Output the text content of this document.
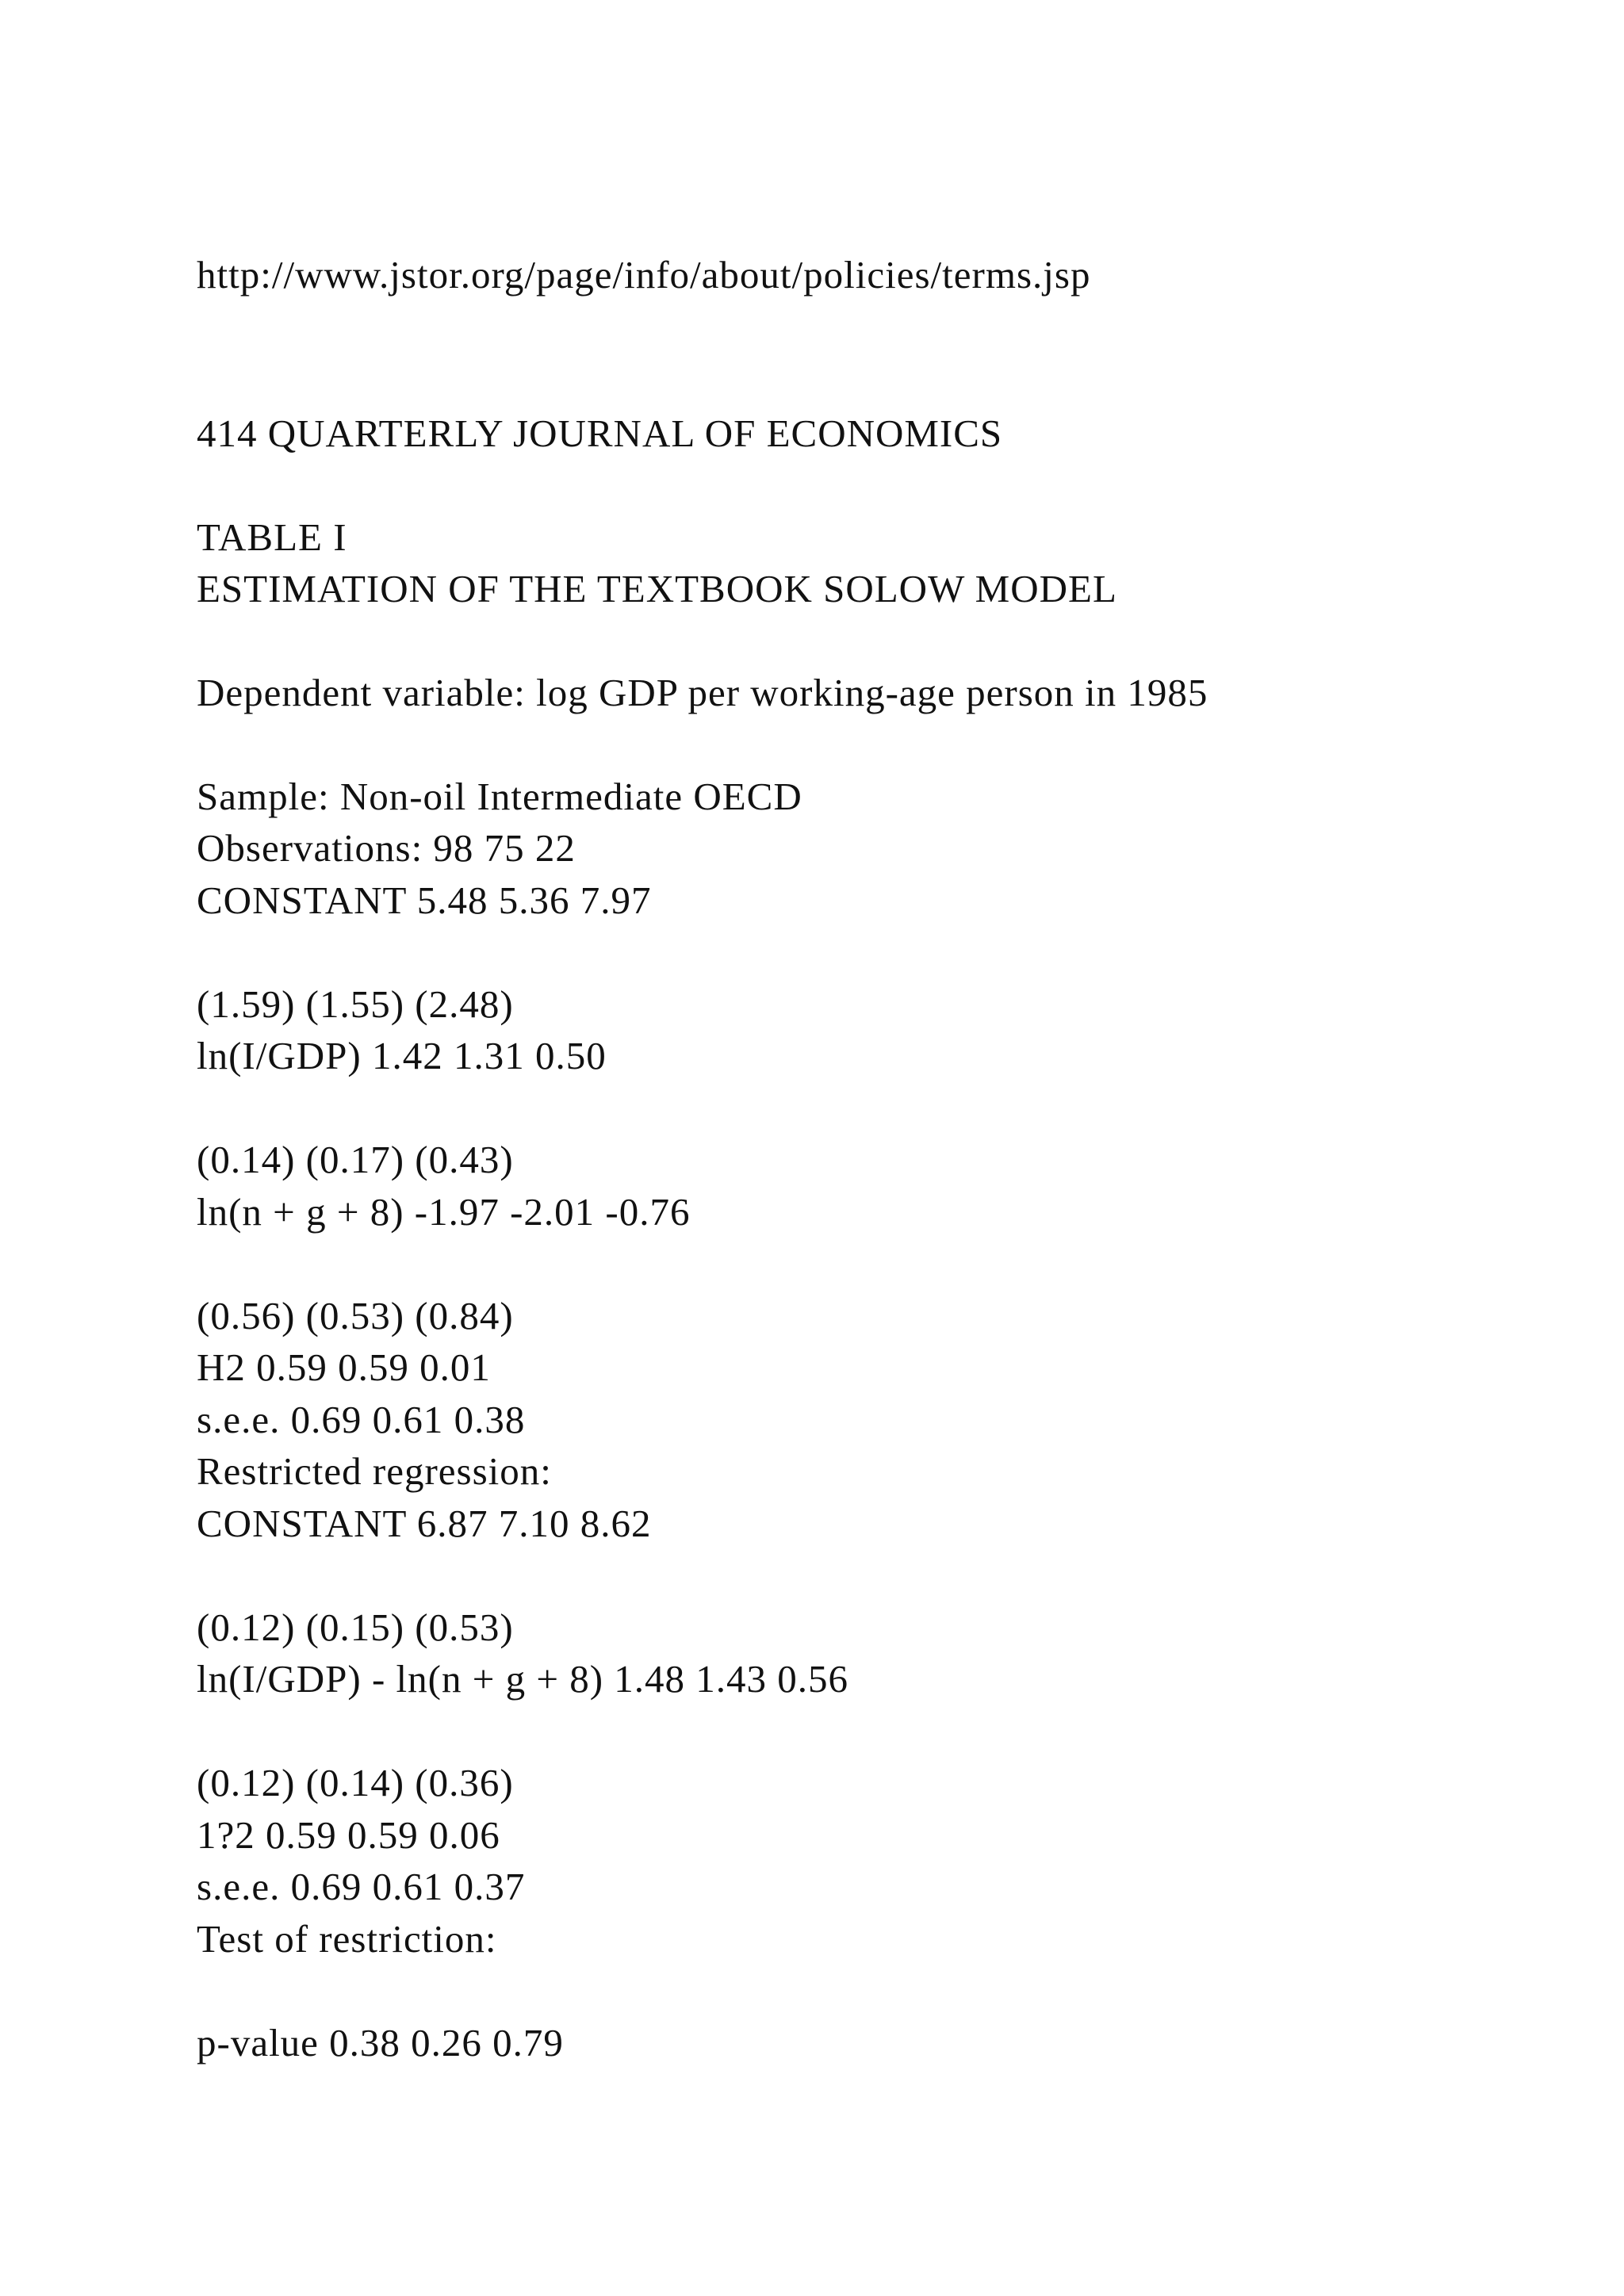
http://www.jstor.org/page/info/about/policies/terms.jsp

414 QUARTERLY JOURNAL OF ECONOMICS

TABLE I

ESTIMATION OF THE TEXTBOOK SOLOW MODEL

Dependent variable: log GDP per working-age person in 1985

Sample: Non-oil Intermediate OECD

Observations: 98 75 22

CONSTANT 5.48 5.36 7.97

(1.59) (1.55) (2.48)

ln(I/GDP) 1.42 1.31 0.50

(0.14) (0.17) (0.43)

ln(n + g + 8) -1.97 -2.01 -0.76

(0.56) (0.53) (0.84)

H2 0.59 0.59 0.01

s.e.e. 0.69 0.61 0.38

Restricted regression:

CONSTANT 6.87 7.10 8.62

(0.12) (0.15) (0.53)

ln(I/GDP) - ln(n + g + 8) 1.48 1.43 0.56

(0.12) (0.14) (0.36)

1?2 0.59 0.59 0.06

s.e.e. 0.69 0.61 0.37

Test of restriction:

p-value 0.38 0.26 0.79
